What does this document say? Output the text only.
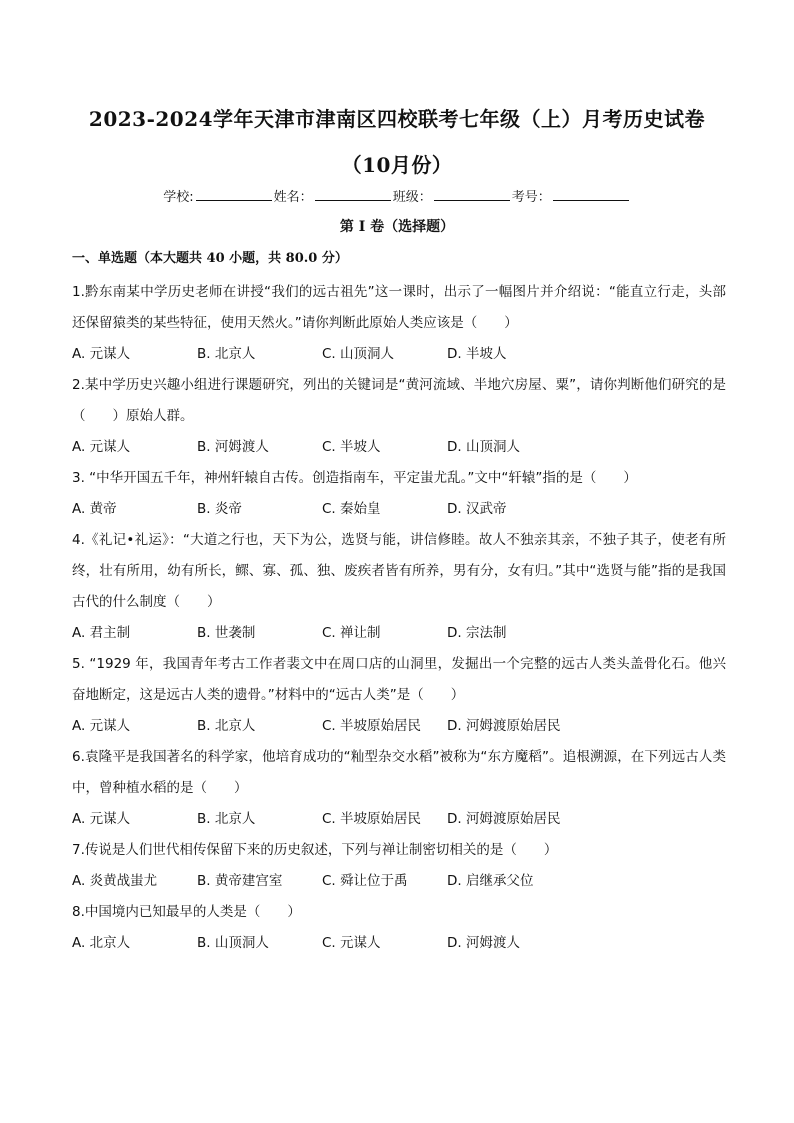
2023-2024学年天津市津南区四校联考七年级（上）月考历史试卷（10月份）
学校:	姓名：	班级：	考号：
第 I 卷（选择题）
一、单选题（本大题共 40 小题，共 80.0 分）

1.黔东南某中学历史老师在讲授“我们的远古祖先”这一课时，出示了一幅图片并介绍说：“能直立行走，头部还保留猿类的某些特征，使用天然火。”请你判断此原始人类应该是（　　）

A. 元谋人	B. 北京人	C. 山顶洞人	D. 半坡人

2.某中学历史兴趣小组进行课题研究，列出的关键词是“黄河流域、半地穴房屋、粟”，请你判断他们研究的是（　　）原始人群。

A. 元谋人	B. 河姆渡人	C. 半坡人	D. 山顶洞人

3. “中华开国五千年，神州轩辕自古传。创造指南车，平定蚩尤乱。”文中“轩辕”指的是（　　）

A. 黄帝	B. 炎帝	C. 秦始皇	D. 汉武帝

4.《礼记•礼运》：“大道之行也，天下为公，选贤与能，讲信修睦。故人不独亲其亲，不独子其子，使老有所终，壮有所用，幼有所长，鳏、寡、孤、独、废疾者皆有所养，男有分，女有归。”其中“选贤与能”指的是我国古代的什么制度（　　）

A. 君主制	B. 世袭制	C. 禅让制	D. 宗法制

5. “1929 年，我国青年考古工作者裴文中在周口店的山洞里，发掘出一个完整的远古人类头盖骨化石。他兴奋地断定，这是远古人类的遗骨。”材料中的“远古人类”是（　　）

A. 元谋人	B. 北京人	C. 半坡原始居民	D. 河姆渡原始居民

6.袁隆平是我国著名的科学家，他培育成功的“籼型杂交水稻”被称为“东方魔稻”。追根溯源，在下列远古人类中，曾种植水稻的是（　　）

A. 元谋人	B. 北京人	C. 半坡原始居民	D. 河姆渡原始居民

7.传说是人们世代相传保留下来的历史叙述，下列与禅让制密切相关的是（　　）

A. 炎黄战蚩尤	B. 黄帝建宫室	C. 舜让位于禹	D. 启继承父位

8.中国境内已知最早的人类是（　　）

A. 北京人	B. 山顶洞人	C. 元谋人	D. 河姆渡人
